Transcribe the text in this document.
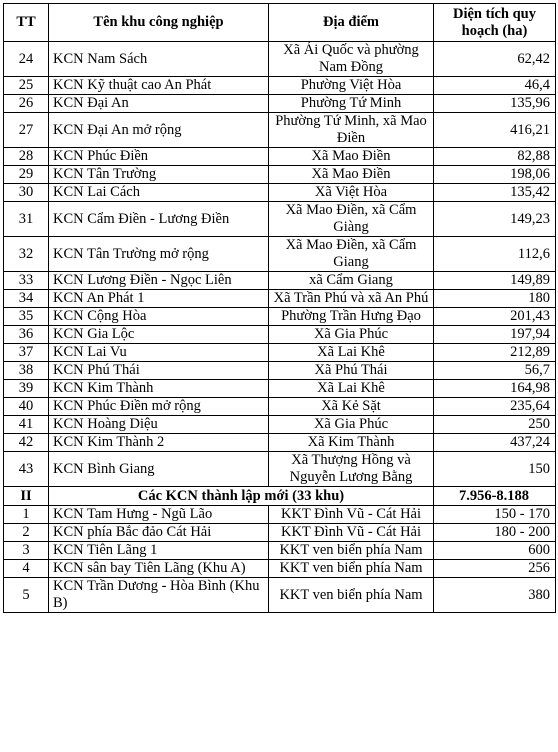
TT	Tên khu công nghiệp	Địa điểm	Diện tích quy hoạch (ha)
24	KCN Nam Sách	Xã Ái Quốc và phường Nam Đồng	62,42
25	KCN Kỹ thuật cao An Phát	Phường Việt Hòa	46,4
26	KCN Đại An	Phường Tứ Minh	135,96
27	KCN Đại An mở rộng	Phường Tứ Minh, xã Mao Điền	416,21
28	KCN Phúc Điền	Xã Mao Điền	82,88
29	KCN Tân Trường	Xã Mao Điền	198,06
30	KCN Lai Cách	Xã Việt Hòa	135,42
31	KCN Cẩm Điền - Lương Điền	Xã Mao Điền, xã Cẩm Giàng	149,23
32	KCN Tân Trường mở rộng	Xã Mao Điền, xã Cẩm Giang	112,6
33	KCN Lương Điền - Ngọc Liên	xã Cẩm Giang	149,89
34	KCN An Phát 1	Xã Trần Phú và xã An Phú	180
35	KCN Cộng Hòa	Phường Trần Hưng Đạo	201,43
36	KCN Gia Lộc	Xã Gia Phúc	197,94
37	KCN Lai Vu	Xã Lai Khê	212,89
38	KCN Phú Thái	Xã Phú Thái	56,7
39	KCN Kim Thành	Xã Lai Khê	164,98
40	KCN Phúc Điền mở rộng	Xã Kẻ Sặt	235,64
41	KCN Hoàng Diệu	Xã Gia Phúc	250
42	KCN Kim Thành 2	Xã Kim Thành	437,24
43	KCN Bình Giang	Xã Thượng Hồng và Nguyễn Lương Bằng	150
II	Các KCN thành lập mới (33 khu)		7.956-8.188
1	KCN Tam Hưng - Ngũ Lão	KKT Đình Vũ - Cát Hải	150 - 170
2	KCN phía Bắc đảo Cát Hải	KKT Đình Vũ - Cát Hải	180 - 200
3	KCN Tiên Lãng 1	KKT ven biển phía Nam	600
4	KCN sân bay Tiên Lãng (Khu A)	KKT ven biển phía Nam	256
5	KCN Trần Dương - Hòa Bình (Khu B)	KKT ven biển phía Nam	380
